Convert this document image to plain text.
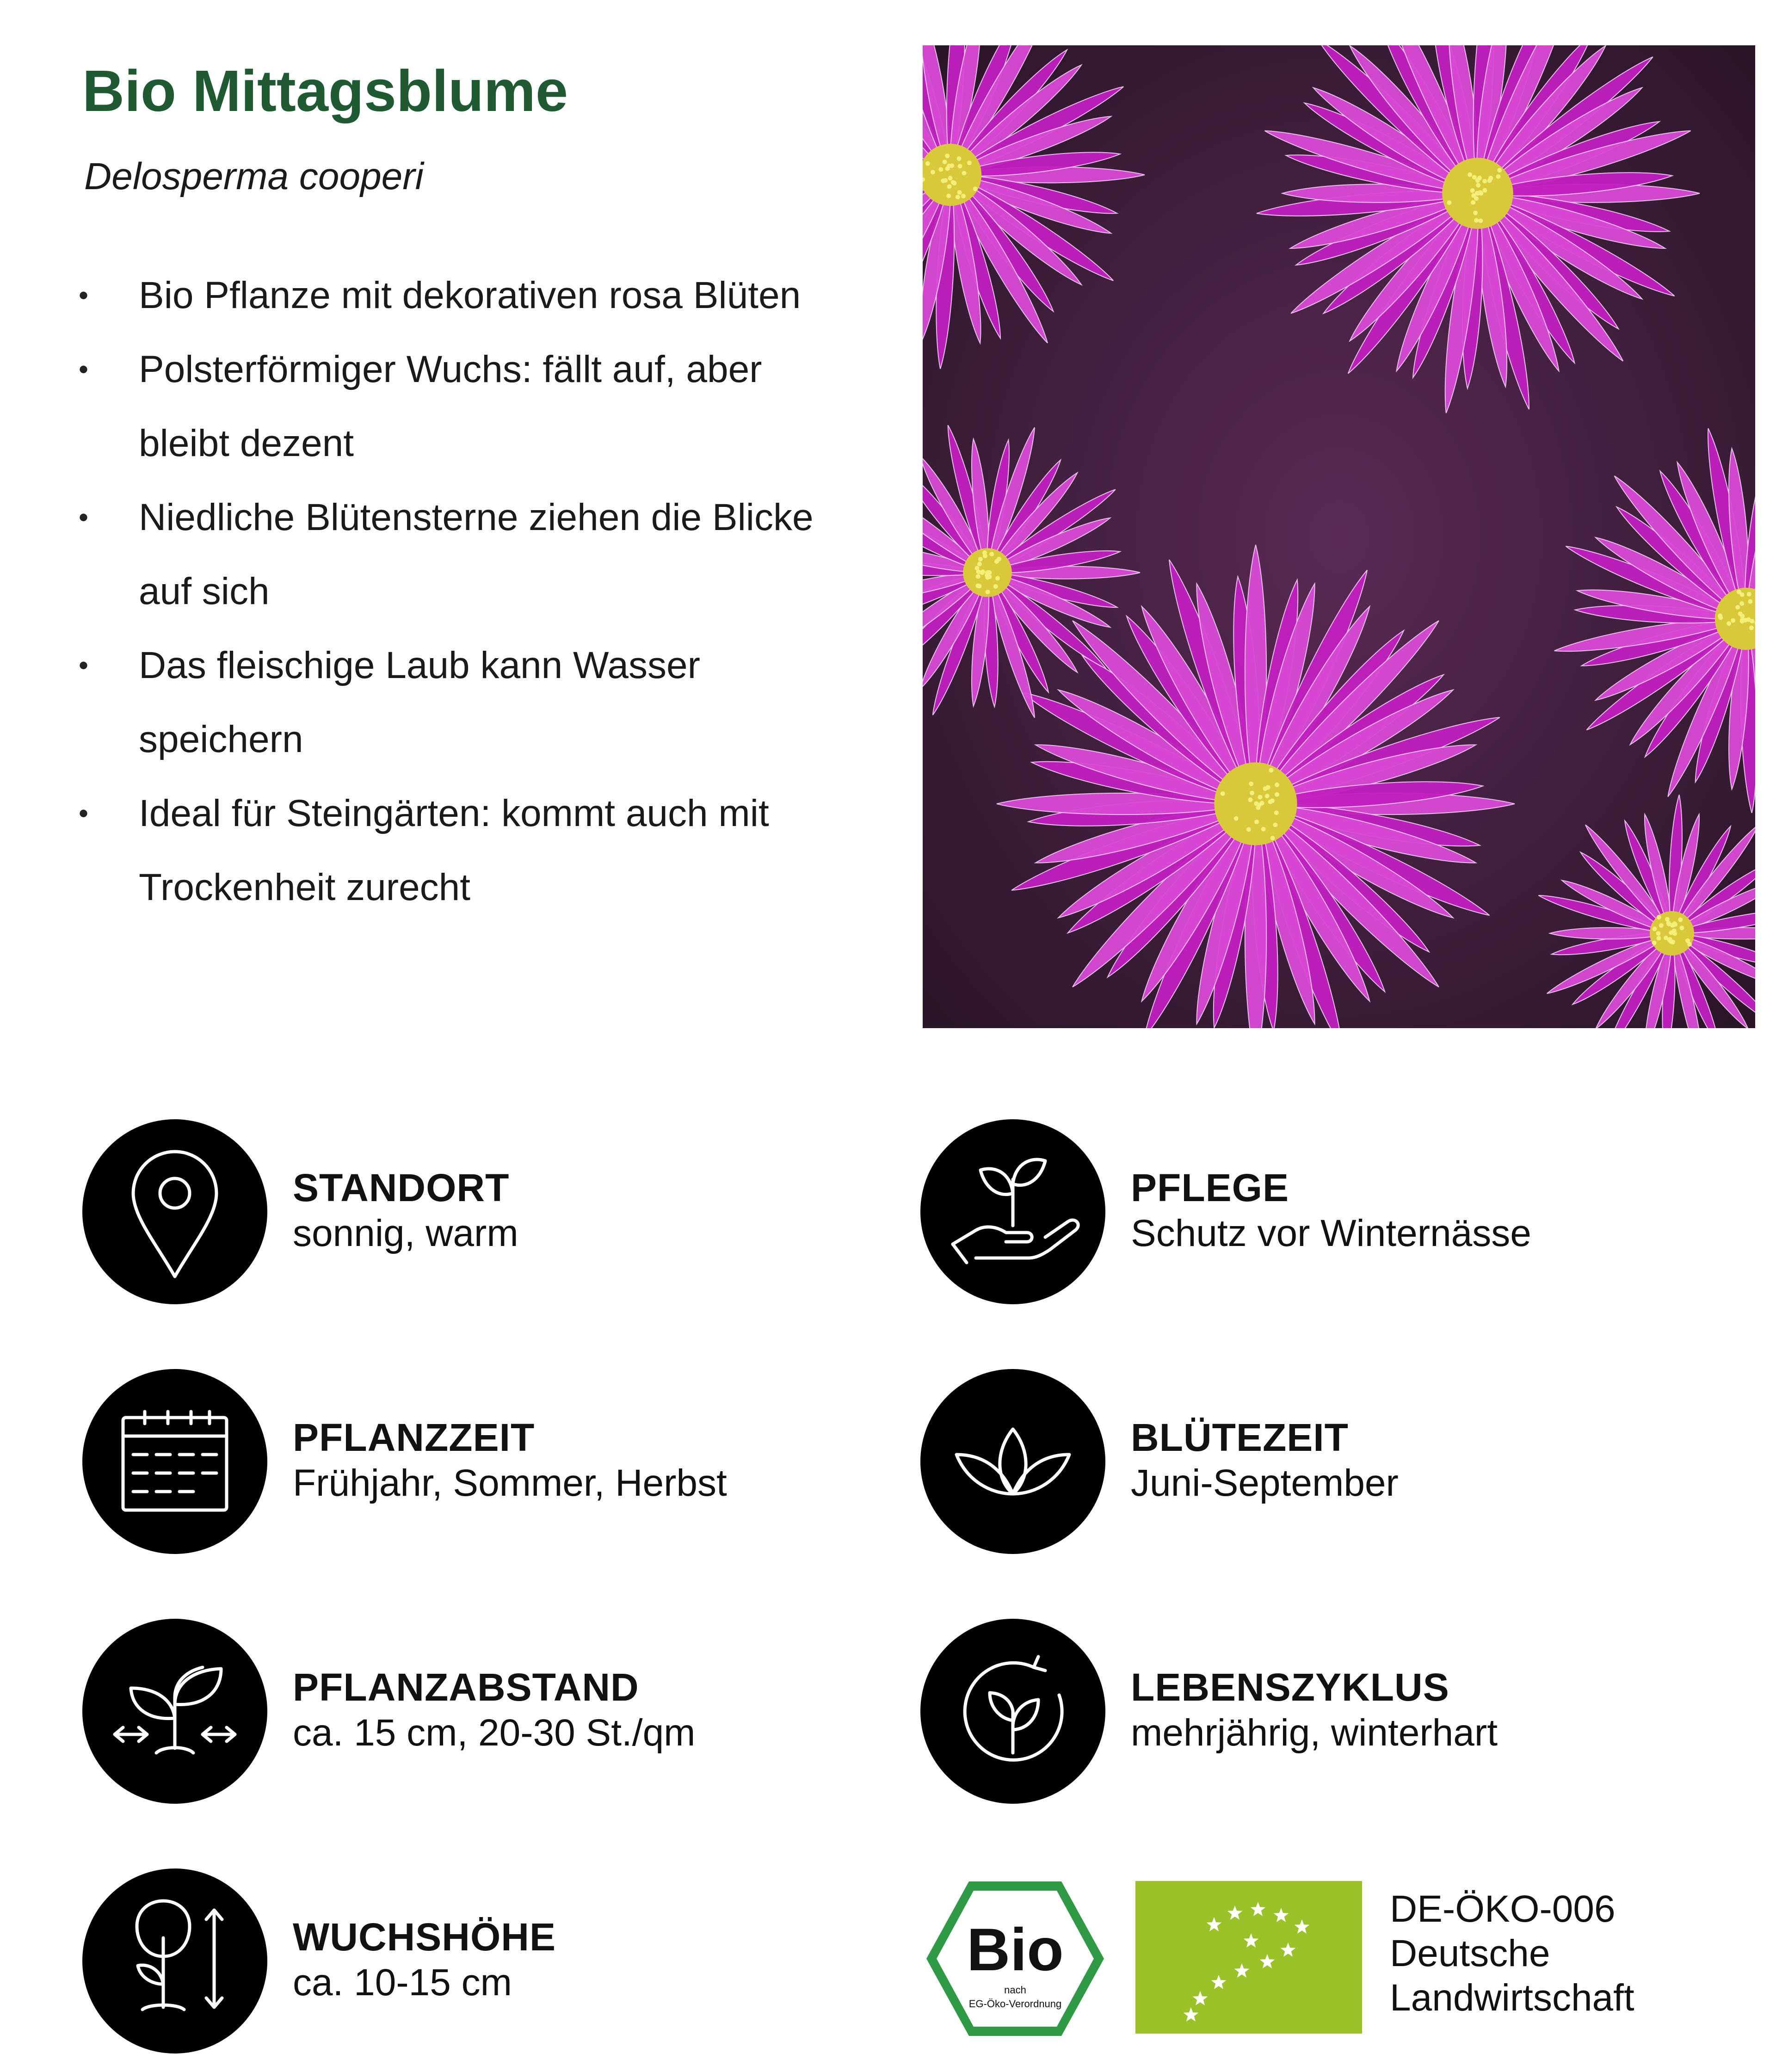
Bio Mittagsblume

Delosperma cooperi

• Bio Pflanze mit dekorativen rosa Blüten
• Polsterförmiger Wuchs: fällt auf, aber
bleibt dezent
• Niedliche Blütensterne ziehen die Blicke
auf sich
• Das fleischige Laub kann Wasser
speichern
• Ideal für Steingärten: kommt auch mit
Trockenheit zurecht
STANDORT
sonnig, warm
PFLEGE
Schutz vor Winternässe
PFLANZZEIT
Frühjahr, Sommer, Herbst
BLÜTEZEIT
Juni-September
PFLANZABSTAND
ca. 15 cm, 20-30 St./qm
LEBENSZYKLUS
mehrjährig, winterhart
WUCHSHÖHE
ca. 10-15 cm	Bio
nach
EG-Öko-Verordnung
DE-ÖKO-006
Deutsche
Landwirtschaft
